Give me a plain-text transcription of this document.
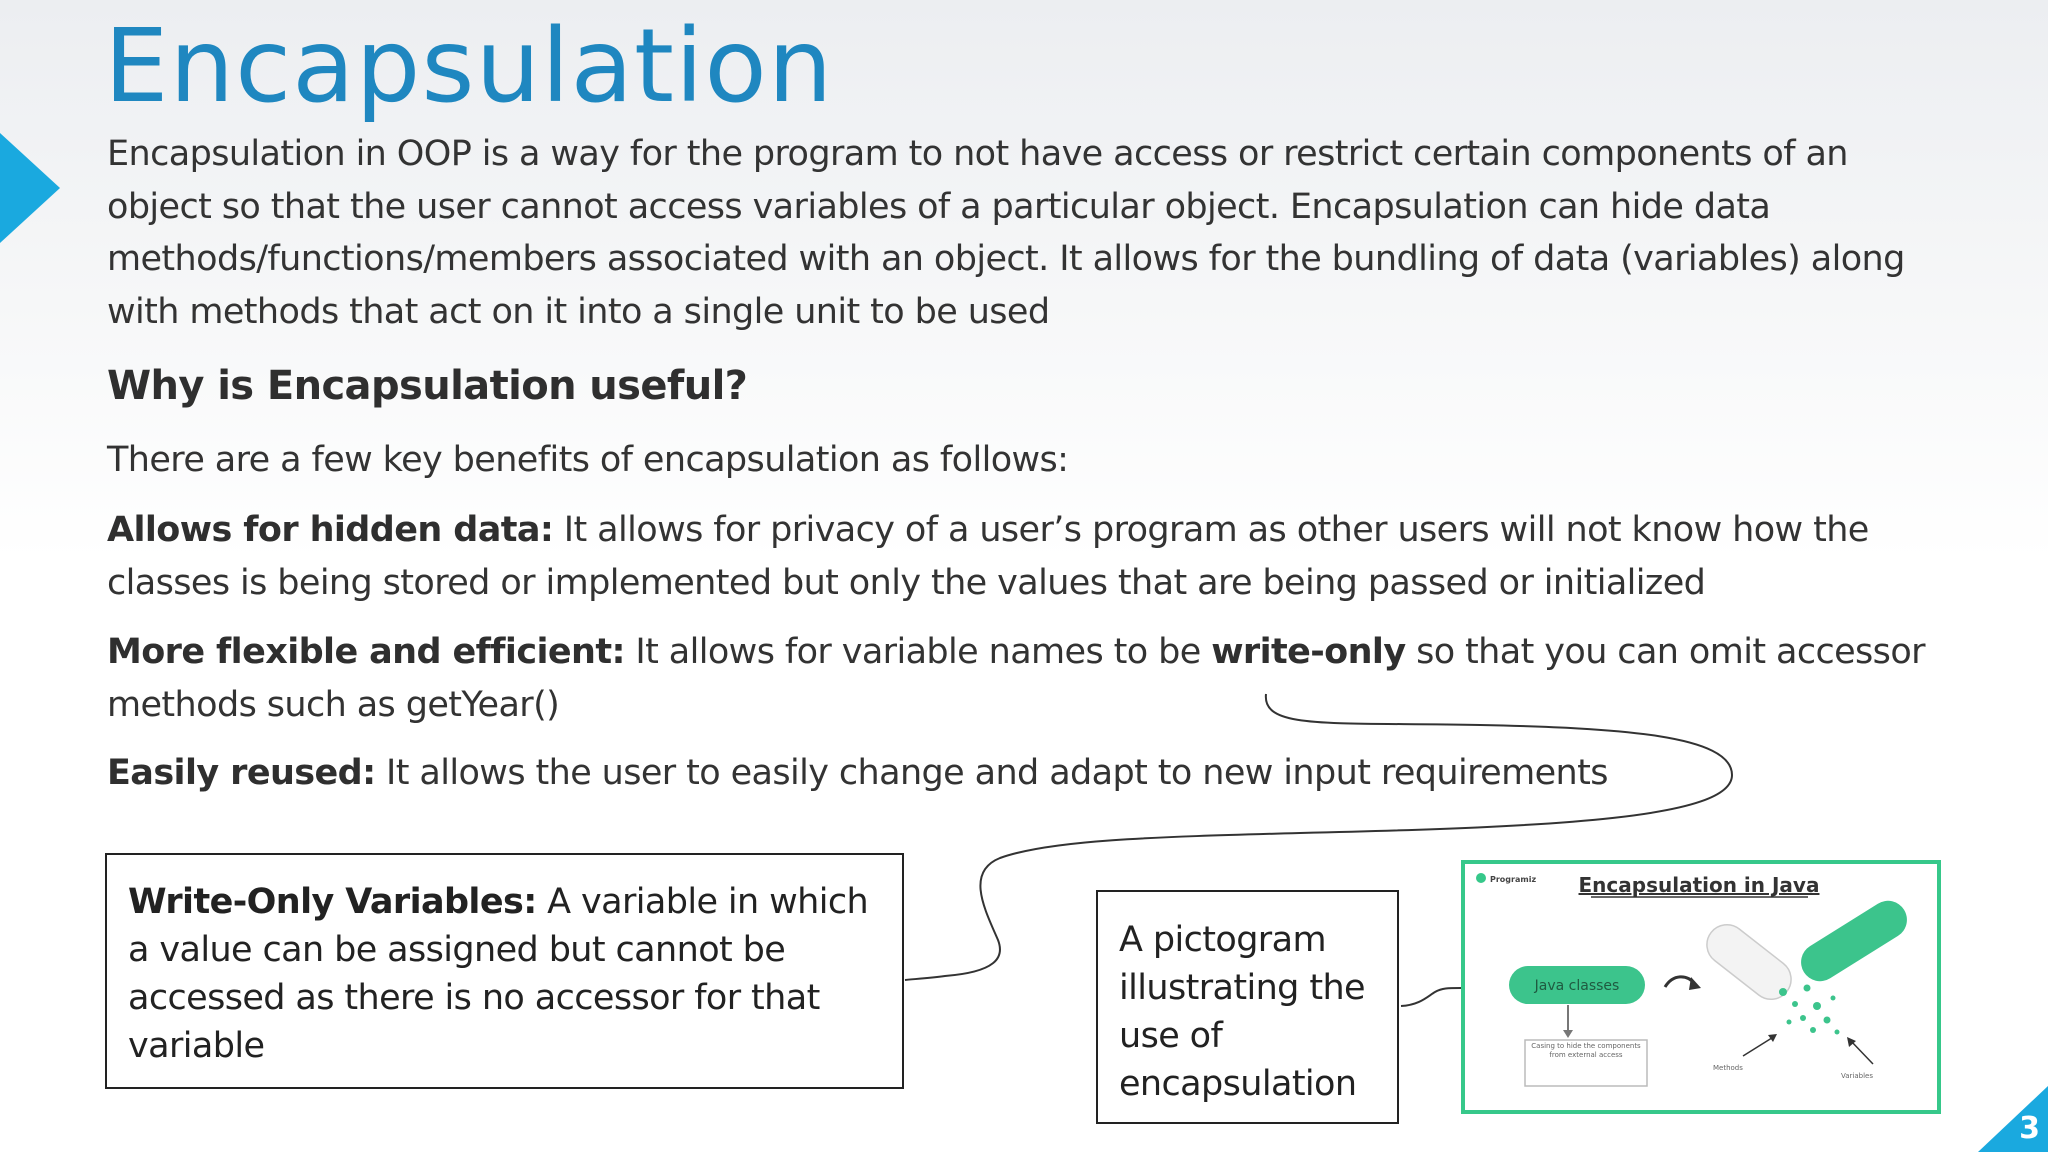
Encapsulation

Encapsulation in OOP is a way for the program to not have access or restrict certain components of an object so that the user cannot access variables of a particular object. Encapsulation can hide data methods/functions/members associated with an object. It allows for the bundling of data (variables) along with methods that act on it into a single unit to be used

Why is Encapsulation useful?

There are a few key benefits of encapsulation as follows:

Allows for hidden data: It allows for privacy of a user’s program as other users will not know how the classes is being stored or implemented but only the values that are being passed or initialized

More flexible and efficient: It allows for variable names to be write-only so that you can omit accessor methods such as getYear()

Easily reused: It allows the user to easily change and adapt to new input requirements

Write-Only Variables: A variable in which a value can be assigned but cannot be accessed as there is no accessor for that variable
A pictogram illustrating the use of encapsulation
Programiz Encapsulation in Java
Java classes
Casing to hide the components from external access
Methods
Variables
3
